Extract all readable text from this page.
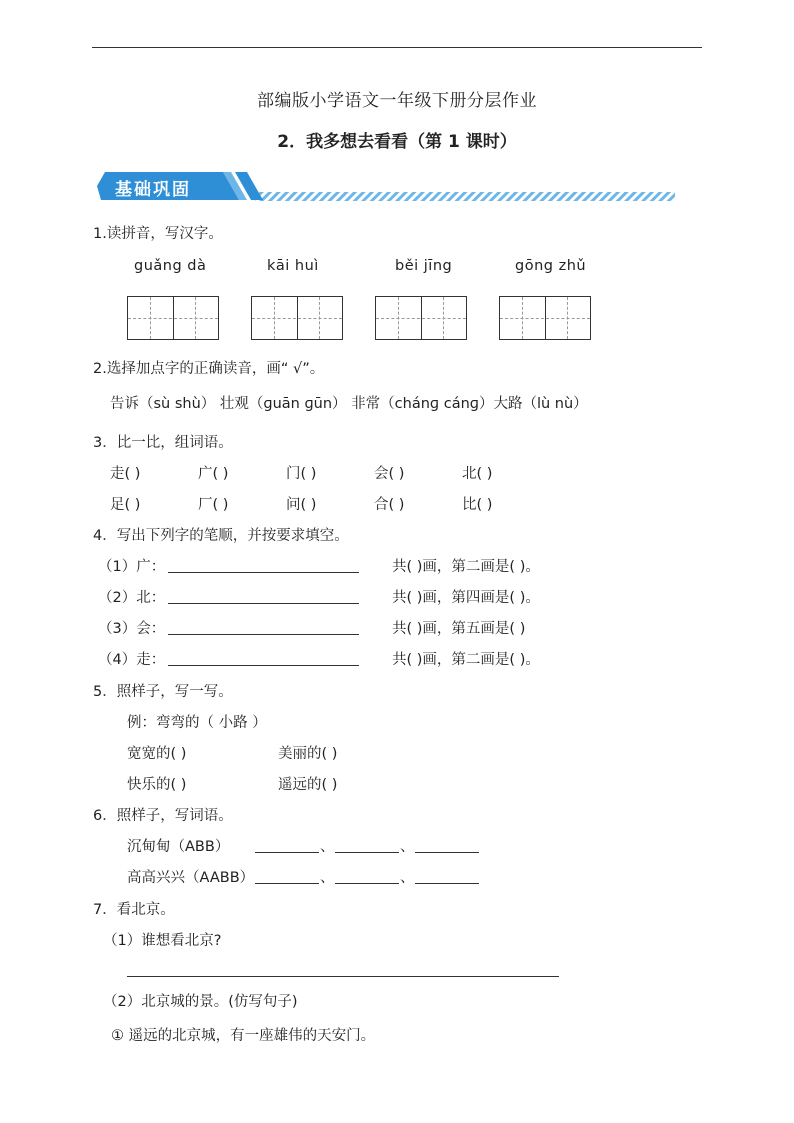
部编版小学语文一年级下册分层作业
2．我多想去看看（第 1 课时）
基础巩固
1.读拼音，写汉字。
guǎng dà	kāi huì	běi jīng	gōng zhǔ
2.选择加点字的正确读音，画“ √”。
告诉（sù shù） 壮观（ɡuān ɡūn） 非常（chánɡ cánɡ）大路（lù nù）
3．比一比，组词语。
走( )	广( )	门( )	会( )	北( )
足( )	厂( )	问( )	合( )	比( )
4．写出下列字的笔顺，并按要求填空。
（1）广：	共( )画，第二画是( )。
（2）北：	共( )画，第四画是( )。
（3）会：	共( )画，第五画是( )
（4）走：	共( )画，第二画是( )。
5．照样子，写一写。
例：弯弯的（ 小路 ）
宽宽的( )	美丽的( )
快乐的( )	遥远的( )
6．照样子，写词语。
沉甸甸（ABB）	、	、
高高兴兴（AABB）	、	、
7．看北京。
（1）谁想看北京?
（2）北京城的景。(仿写句子)
① 遥远的北京城，有一座雄伟的天安门。
